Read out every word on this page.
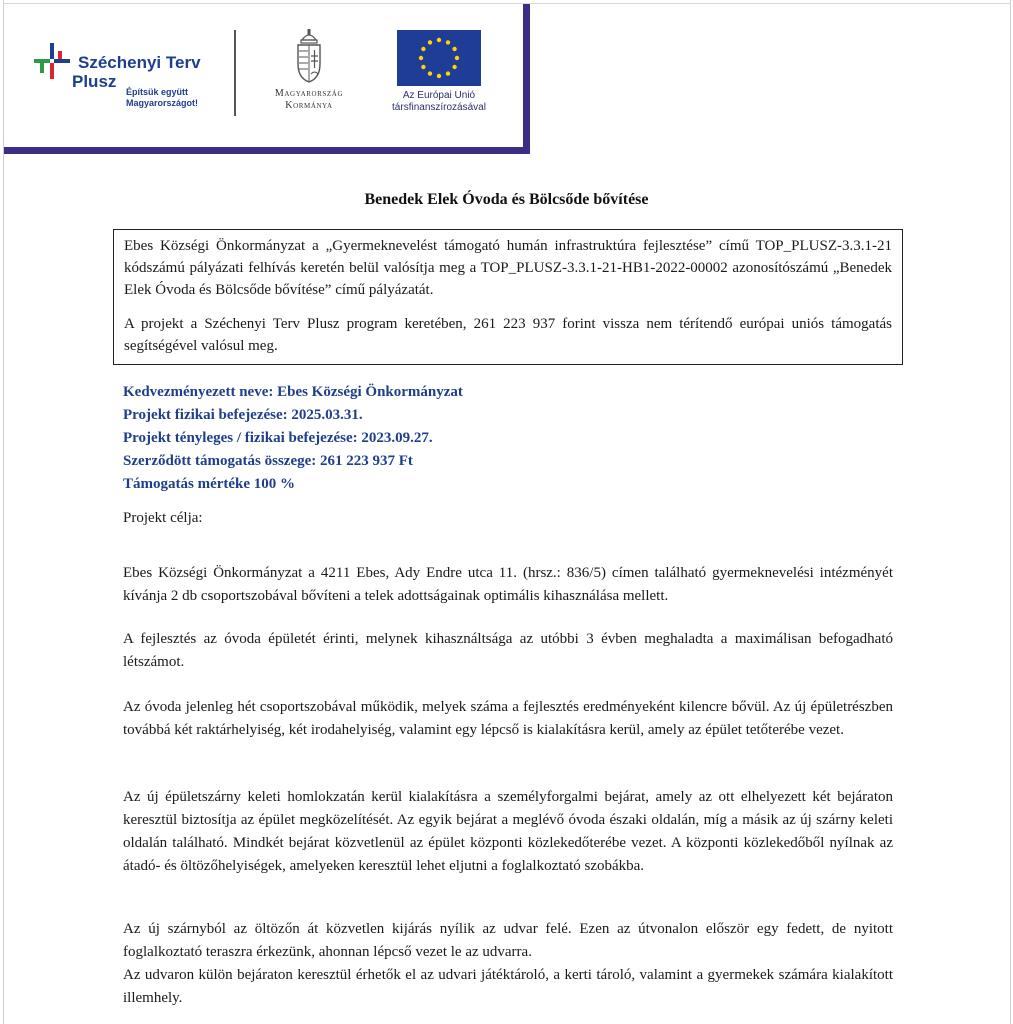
Széchenyi Terv
Plusz
Építsük együtt
Magyarországot!
Magyarország
Kormánya
Az Európai Unió
társfinanszírozásával
Benedek Elek Óvoda és Bölcsőde bővítése

Ebes Községi Önkormányzat a „Gyermeknevelést támogató humán infrastruktúra fejlesztése” című TOP_PLUSZ-3.3.1-21 kódszámú pályázati felhívás keretén belül valósítja meg a TOP_PLUSZ-3.3.1-21-HB1-2022-00002 azonosítószámú „Benedek Elek Óvoda és Bölcsőde bővítése” című pályázatát.

A projekt a Széchenyi Terv Plusz program keretében, 261 223 937 forint vissza nem térítendő európai uniós támogatás segítségével valósul meg.

Kedvezményezett neve: Ebes Községi Önkormányzat
Projekt fizikai befejezése: 2025.03.31.
Projekt tényleges / fizikai befejezése: 2023.09.27.
Szerződött támogatás összege: 261 223 937 Ft
Támogatás mértéke 100 %
Projekt célja:

Ebes Községi Önkormányzat a 4211 Ebes, Ady Endre utca 11. (hrsz.: 836/5) címen található gyermeknevelési intézményét kívánja 2 db csoportszobával bővíteni a telek adottságainak optimális kihasználása mellett.

A fejlesztés az óvoda épületét érinti, melynek kihasználtsága az utóbbi 3 évben meghaladta a maximálisan befogadható létszámot.

Az óvoda jelenleg hét csoportszobával működik, melyek száma a fejlesztés eredményeként kilencre bővül. Az új épületrészben továbbá két raktárhelyiség, két irodahelyiség, valamint egy lépcső is kialakításra kerül, amely az épület tetőterébe vezet.

Az új épületszárny keleti homlokzatán kerül kialakításra a személyforgalmi bejárat, amely az ott elhelyezett két bejáraton keresztül biztosítja az épület megközelítését. Az egyik bejárat a meglévő óvoda északi oldalán, míg a másik az új szárny keleti oldalán található. Mindkét bejárat közvetlenül az épület központi közlekedőterébe vezet. A központi közlekedőből nyílnak az átadó- és öltözőhelyiségek, amelyeken keresztül lehet eljutni a foglalkoztató szobákba.

Az új szárnyból az öltözőn át közvetlen kijárás nyílik az udvar felé. Ezen az útvonalon először egy fedett, de nyitott foglalkoztató teraszra érkezünk, ahonnan lépcső vezet le az udvarra.

Az udvaron külön bejáraton keresztül érhetők el az udvari játéktároló, a kerti tároló, valamint a gyermekek számára kialakított illemhely.
